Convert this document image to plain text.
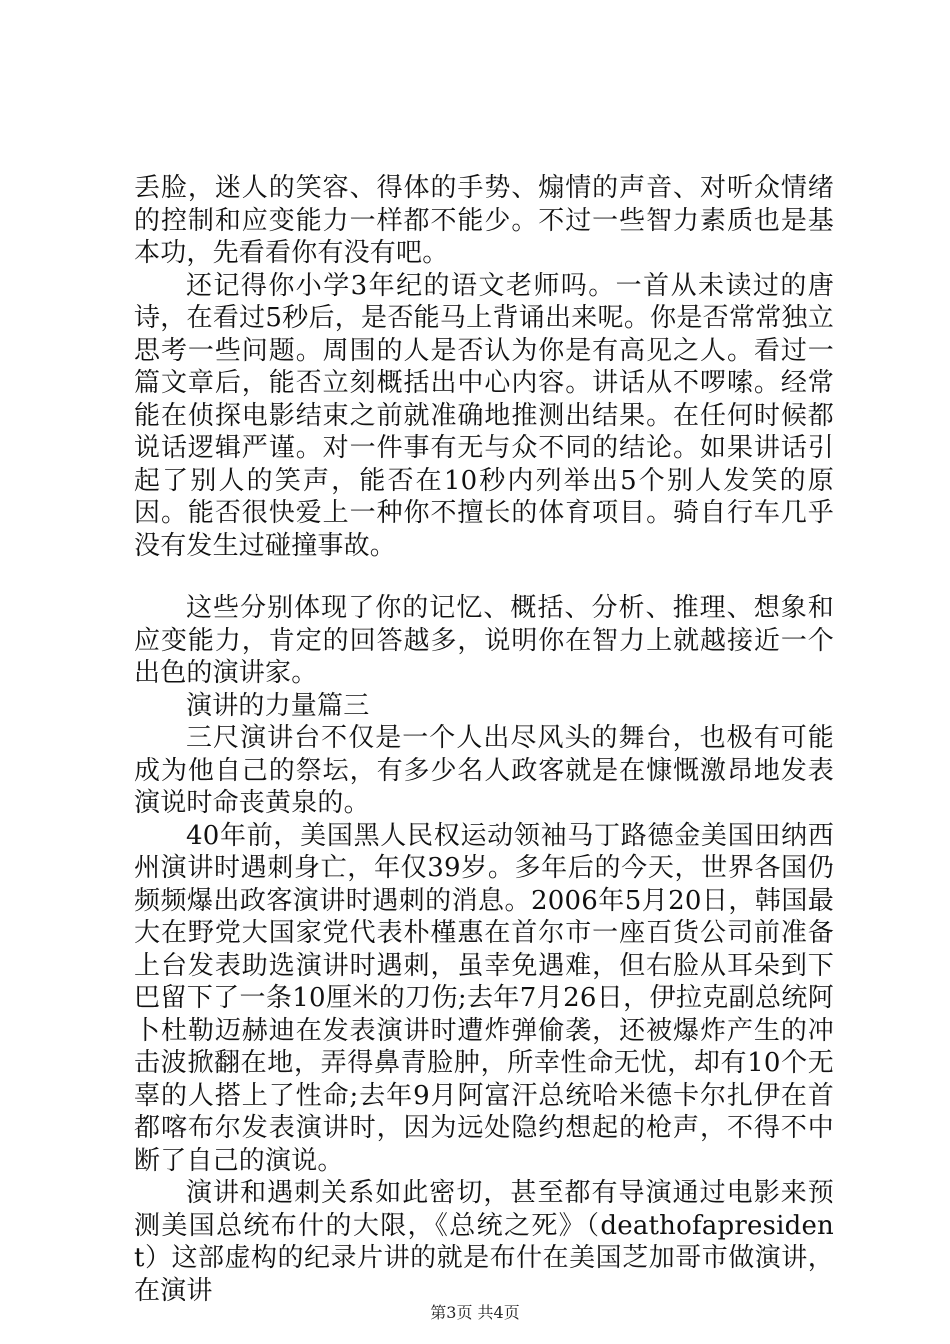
丢脸，迷人的笑容、得体的手势、煽情的声音、对听众情绪的控制和应变能力一样都不能少。不过一些智力素质也是基本功，先看看你有没有吧。

还记得你小学3年纪的语文老师吗。一首从未读过的唐诗，在看过5秒后，是否能马上背诵出来呢。你是否常常独立思考一些问题。周围的人是否认为你是有高见之人。看过一篇文章后，能否立刻概括出中心内容。讲话从不啰嗦。经常能在侦探电影结束之前就准确地推测出结果。在任何时候都说话逻辑严谨。对一件事有无与众不同的结论。如果讲话引起了别人的笑声，能否在10秒内列举出5个别人发笑的原因。能否很快爱上一种你不擅长的体育项目。骑自行车几乎没有发生过碰撞事故。

这些分别体现了你的记忆、概括、分析、推理、想象和应变能力，肯定的回答越多，说明你在智力上就越接近一个出色的演讲家。

演讲的力量篇三

三尺演讲台不仅是一个人出尽风头的舞台，也极有可能成为他自己的祭坛，有多少名人政客就是在慷慨激昂地发表演说时命丧黄泉的。

40年前，美国黑人民权运动领袖马丁路德金美国田纳西州演讲时遇刺身亡，年仅39岁。多年后的今天，世界各国仍频频爆出政客演讲时遇刺的消息。2006年5月20日，韩国最大在野党大国家党代表朴槿惠在首尔市一座百货公司前准备上台发表助选演讲时遇刺，虽幸免遇难，但右脸从耳朵到下巴留下了一条10厘米的刀伤;去年7月26日，伊拉克副总统阿卜杜勒迈赫迪在发表演讲时遭炸弹偷袭，还被爆炸产生的冲击波掀翻在地，弄得鼻青脸肿，所幸性命无忧，却有10个无辜的人搭上了性命;去年9月阿富汗总统哈米德卡尔扎伊在首都喀布尔发表演讲时，因为远处隐约想起的枪声，不得不中断了自己的演说。

演讲和遇刺关系如此密切，甚至都有导演通过电影来预测美国总统布什的大限，《总统之死》（deathofapresident）这部虚构的纪录片讲的就是布什在美国芝加哥市做演讲，在演讲

第3页 共4页
